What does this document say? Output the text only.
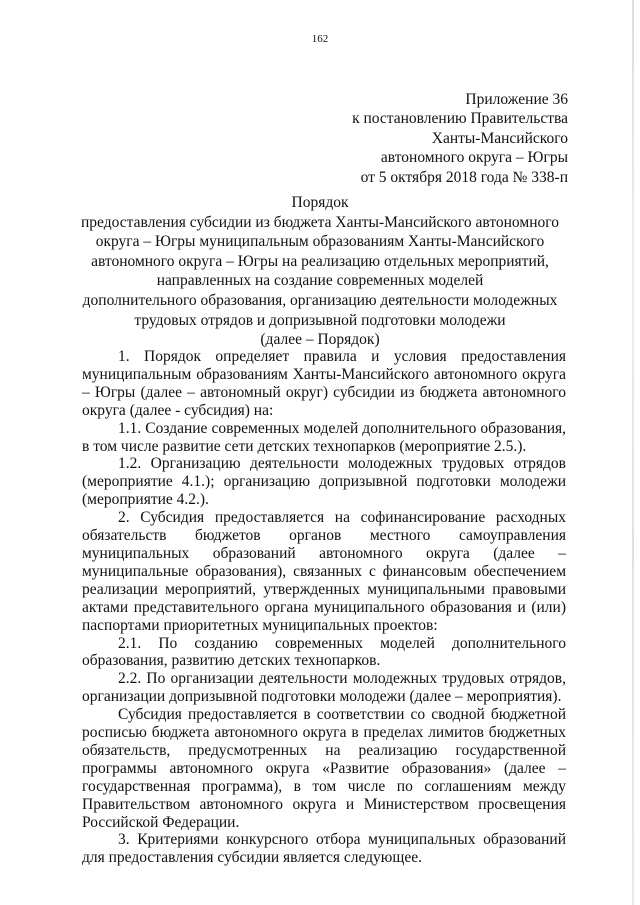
162
Приложение 36
к постановлению Правительства
Ханты-Мансийского
автономного округа – Югры
от 5 октября 2018 года № 338-п
Порядок
предоставления субсидии из бюджета Ханты-Мансийского автономного
округа – Югры муниципальным образованиям Ханты-Мансийского
автономного округа – Югры на реализацию отдельных мероприятий,
направленных на создание современных моделей
дополнительного образования, организацию деятельности молодежных
трудовых отрядов и допризывной подготовки молодежи
(далее – Порядок)

1. Порядок определяет правила и условия предоставления муниципальным образованиям Ханты-Мансийского автономного округа – Югры (далее – автономный округ) субсидии из бюджета автономного округа (далее - субсидия) на:

1.1. Создание современных моделей дополнительного образования, в том числе развитие сети детских технопарков (мероприятие 2.5.).

1.2. Организацию деятельности молодежных трудовых отрядов (мероприятие 4.1.); организацию допризывной подготовки молодежи (мероприятие 4.2.).

2. Субсидия предоставляется на софинансирование расходных обязательств бюджетов органов местного самоуправления муниципальных образований автономного округа (далее – муниципальные образования), связанных с финансовым обеспечением реализации мероприятий, утвержденных муниципальными правовыми актами представительного органа муниципального образования и (или) паспортами приоритетных муниципальных проектов:

2.1. По созданию современных моделей дополнительного образования, развитию детских технопарков.

2.2. По организации деятельности молодежных трудовых отрядов, организации допризывной подготовки молодежи (далее – мероприятия).

Субсидия предоставляется в соответствии со сводной бюджетной росписью бюджета автономного округа в пределах лимитов бюджетных обязательств, предусмотренных на реализацию государственной программы автономного округа «Развитие образования» (далее – государственная программа), в том числе по соглашениям между Правительством автономного округа и Министерством просвещения Российской Федерации.

3. Критериями конкурсного отбора муниципальных образований для предоставления субсидии является следующее.
